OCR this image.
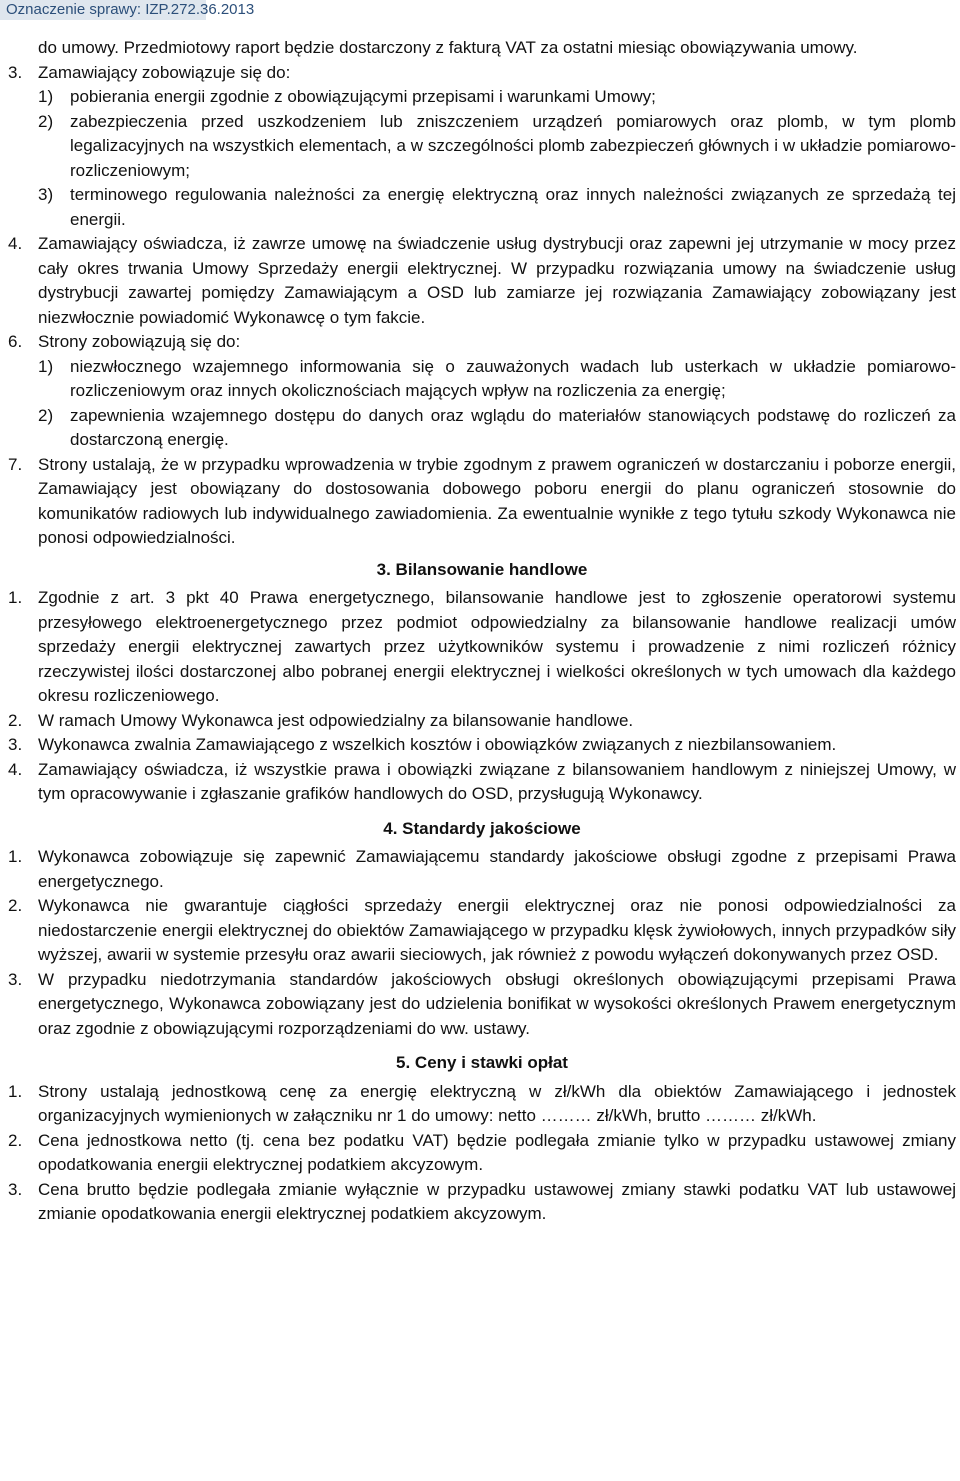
Oznaczenie sprawy: IZP.272.36.2013

do umowy. Przedmiotowy raport będzie dostarczony z fakturą VAT za ostatni miesiąc obowiązywania umowy.

3. Zamawiający zobowiązuje się do:
1) pobierania energii zgodnie z obowiązującymi przepisami i warunkami Umowy;
2) zabezpieczenia przed uszkodzeniem lub zniszczeniem urządzeń pomiarowych oraz plomb, w tym plomb legalizacyjnych na wszystkich elementach, a w szczególności plomb zabezpieczeń głównych i w układzie pomiarowo-rozliczeniowym;
3) terminowego regulowania należności za energię elektryczną oraz innych należności związanych ze sprzedażą tej energii.
4. Zamawiający oświadcza, iż zawrze umowę na świadczenie usług dystrybucji oraz zapewni jej utrzymanie w mocy przez cały okres trwania Umowy Sprzedaży energii elektrycznej. W przypadku rozwiązania umowy na świadczenie usług dystrybucji zawartej pomiędzy Zamawiającym a OSD lub zamiarze jej rozwiązania Zamawiający zobowiązany jest niezwłocznie powiadomić Wykonawcę o tym fakcie.
6. Strony zobowiązują się do:
1) niezwłocznego wzajemnego informowania się o zauważonych wadach lub usterkach w układzie pomiarowo-rozliczeniowym oraz innych okolicznościach mających wpływ na rozliczenia za energię;
2) zapewnienia wzajemnego dostępu do danych oraz wglądu do materiałów stanowiących podstawę do rozliczeń za dostarczoną energię.
7. Strony ustalają, że w przypadku wprowadzenia w trybie zgodnym z prawem ograniczeń w dostarczaniu i poborze energii, Zamawiający jest obowiązany do dostosowania dobowego poboru energii do planu ograniczeń stosownie do komunikatów radiowych lub indywidualnego zawiadomienia. Za ewentualnie wynikłe z tego tytułu szkody Wykonawca nie ponosi odpowiedzialności.
3. Bilansowanie handlowe
1. Zgodnie z art. 3 pkt 40 Prawa energetycznego, bilansowanie handlowe jest to zgłoszenie operatorowi systemu przesyłowego elektroenergetycznego przez podmiot odpowiedzialny za bilansowanie handlowe realizacji umów sprzedaży energii elektrycznej zawartych przez użytkowników systemu i prowadzenie z nimi rozliczeń różnicy rzeczywistej ilości dostarczonej albo pobranej energii elektrycznej i wielkości określonych w tych umowach dla każdego okresu rozliczeniowego.
2. W ramach Umowy Wykonawca jest odpowiedzialny za bilansowanie handlowe.
3. Wykonawca zwalnia Zamawiającego z wszelkich kosztów i obowiązków związanych z niezbilansowaniem.
4. Zamawiający oświadcza, iż wszystkie prawa i obowiązki związane z bilansowaniem handlowym z niniejszej Umowy, w tym opracowywanie i zgłaszanie grafików handlowych do OSD, przysługują Wykonawcy.
4. Standardy jakościowe
1. Wykonawca zobowiązuje się zapewnić Zamawiającemu standardy jakościowe obsługi zgodne z przepisami Prawa energetycznego.
2. Wykonawca nie gwarantuje ciągłości sprzedaży energii elektrycznej oraz nie ponosi odpowiedzialności za niedostarczenie energii elektrycznej do obiektów Zamawiającego w przypadku klęsk żywiołowych, innych przypadków siły wyższej, awarii w systemie przesyłu oraz awarii sieciowych, jak również z powodu wyłączeń dokonywanych przez OSD.
3. W przypadku niedotrzymania standardów jakościowych obsługi określonych obowiązującymi przepisami Prawa energetycznego, Wykonawca zobowiązany jest do udzielenia bonifikat w wysokości określonych Prawem energetycznym oraz zgodnie z obowiązującymi rozporządzeniami do ww. ustawy.
5. Ceny i stawki opłat
1. Strony ustalają jednostkową cenę za energię elektryczną w zł/kWh dla obiektów Zamawiającego i jednostek organizacyjnych wymienionych w załączniku nr 1 do umowy: netto ……… zł/kWh, brutto ……… zł/kWh.
2. Cena jednostkowa netto (tj. cena bez podatku VAT) będzie podlegała zmianie tylko w przypadku ustawowej zmiany opodatkowania energii elektrycznej podatkiem akcyzowym.
3. Cena brutto będzie podlegała zmianie wyłącznie w przypadku ustawowej zmiany stawki podatku VAT lub ustawowej zmianie opodatkowania energii elektrycznej podatkiem akcyzowym.
